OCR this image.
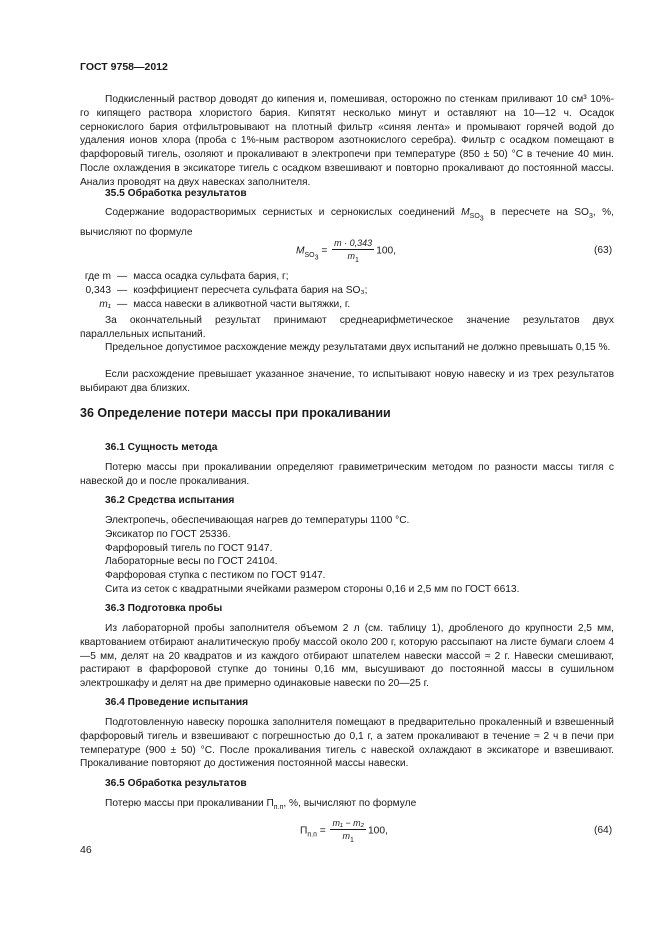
ГОСТ 9758—2012
Подкисленный раствор доводят до кипения и, помешивая, осторожно по стенкам приливают 10 см³ 10%-го кипящего раствора хлористого бария. Кипятят несколько минут и оставляют на 10—12 ч. Осадок сернокислого бария отфильтровывают на плотный фильтр «синяя лента» и промывают горячей водой до удаления ионов хлора (проба с 1%-ным раствором азотнокислого серебра). Фильтр с осадком помещают в фарфоровый тигель, озоляют и прокаливают в электропечи при температуре (850 ± 50) °С в течение 40 мин. После охлаждения в эксикаторе тигель с осадком взвешивают и повторно прокаливают до постоянной массы. Анализ проводят на двух навесках заполнителя.
35.5 Обработка результатов
Содержание водорастворимых сернистых и сернокислых соединений $M_{SO_3}$ в пересчете на $SO_3$, %, вычисляют по формуле
$M_{SO_3} = \frac{m \cdot 0,343}{m_1} 100$,	(63)
где m	—	масса осадка сульфата бария, г;
0,343	—	коэффициент пересчета сульфата бария на SO₃;
m₁	—	масса навески в аликвотной части вытяжки, г.
За окончательный результат принимают среднеарифметическое значение результатов двух параллельных испытаний.
Предельное допустимое расхождение между результатами двух испытаний не должно превышать 0,15 %.
Если расхождение превышает указанное значение, то испытывают новую навеску и из трех результатов выбирают два близких.
36 Определение потери массы при прокаливании
36.1 Сущность метода
Потерю массы при прокаливании определяют гравиметрическим методом по разности массы тигля с навеской до и после прокаливания.
36.2 Средства испытания
Электропечь, обеспечивающая нагрев до температуры 1100 °С.
Эксикатор по ГОСТ 25336.
Фарфоровый тигель по ГОСТ 9147.
Лабораторные весы по ГОСТ 24104.
Фарфоровая ступка с пестиком по ГОСТ 9147.
Сита из сеток с квадратными ячейками размером стороны 0,16 и 2,5 мм по ГОСТ 6613.
36.3 Подготовка пробы
Из лабораторной пробы заполнителя объемом 2 л (см. таблицу 1), дробленого до крупности 2,5 мм, квартованием отбирают аналитическую пробу массой около 200 г, которую рассыпают на листе бумаги слоем 4—5 мм, делят на 20 квадратов и из каждого отбирают шпателем навески массой ≈ 2 г. Навески смешивают, растирают в фарфоровой ступке до тонины 0,16 мм, высушивают до постоянной массы в сушильном электрошкафу и делят на две примерно одинаковые навески по 20—25 г.
36.4 Проведение испытания
Подготовленную навеску порошка заполнителя помещают в предварительно прокаленный и взвешенный фарфоровый тигель и взвешивают с погрешностью до 0,1 г, а затем прокаливают в течение ≈ 2 ч в печи при температуре (900 ± 50) °С. После прокаливания тигель с навеской охлаждают в эксикаторе и взвешивают. Прокаливание повторяют до достижения постоянной массы навески.
36.5 Обработка результатов
Потерю массы при прокаливании $П_{п.п}$, %, вычисляют по формуле
$П_{п.п} = \frac{\text{m₁ − m₂}}{m_1} 100$,	(64)
46
